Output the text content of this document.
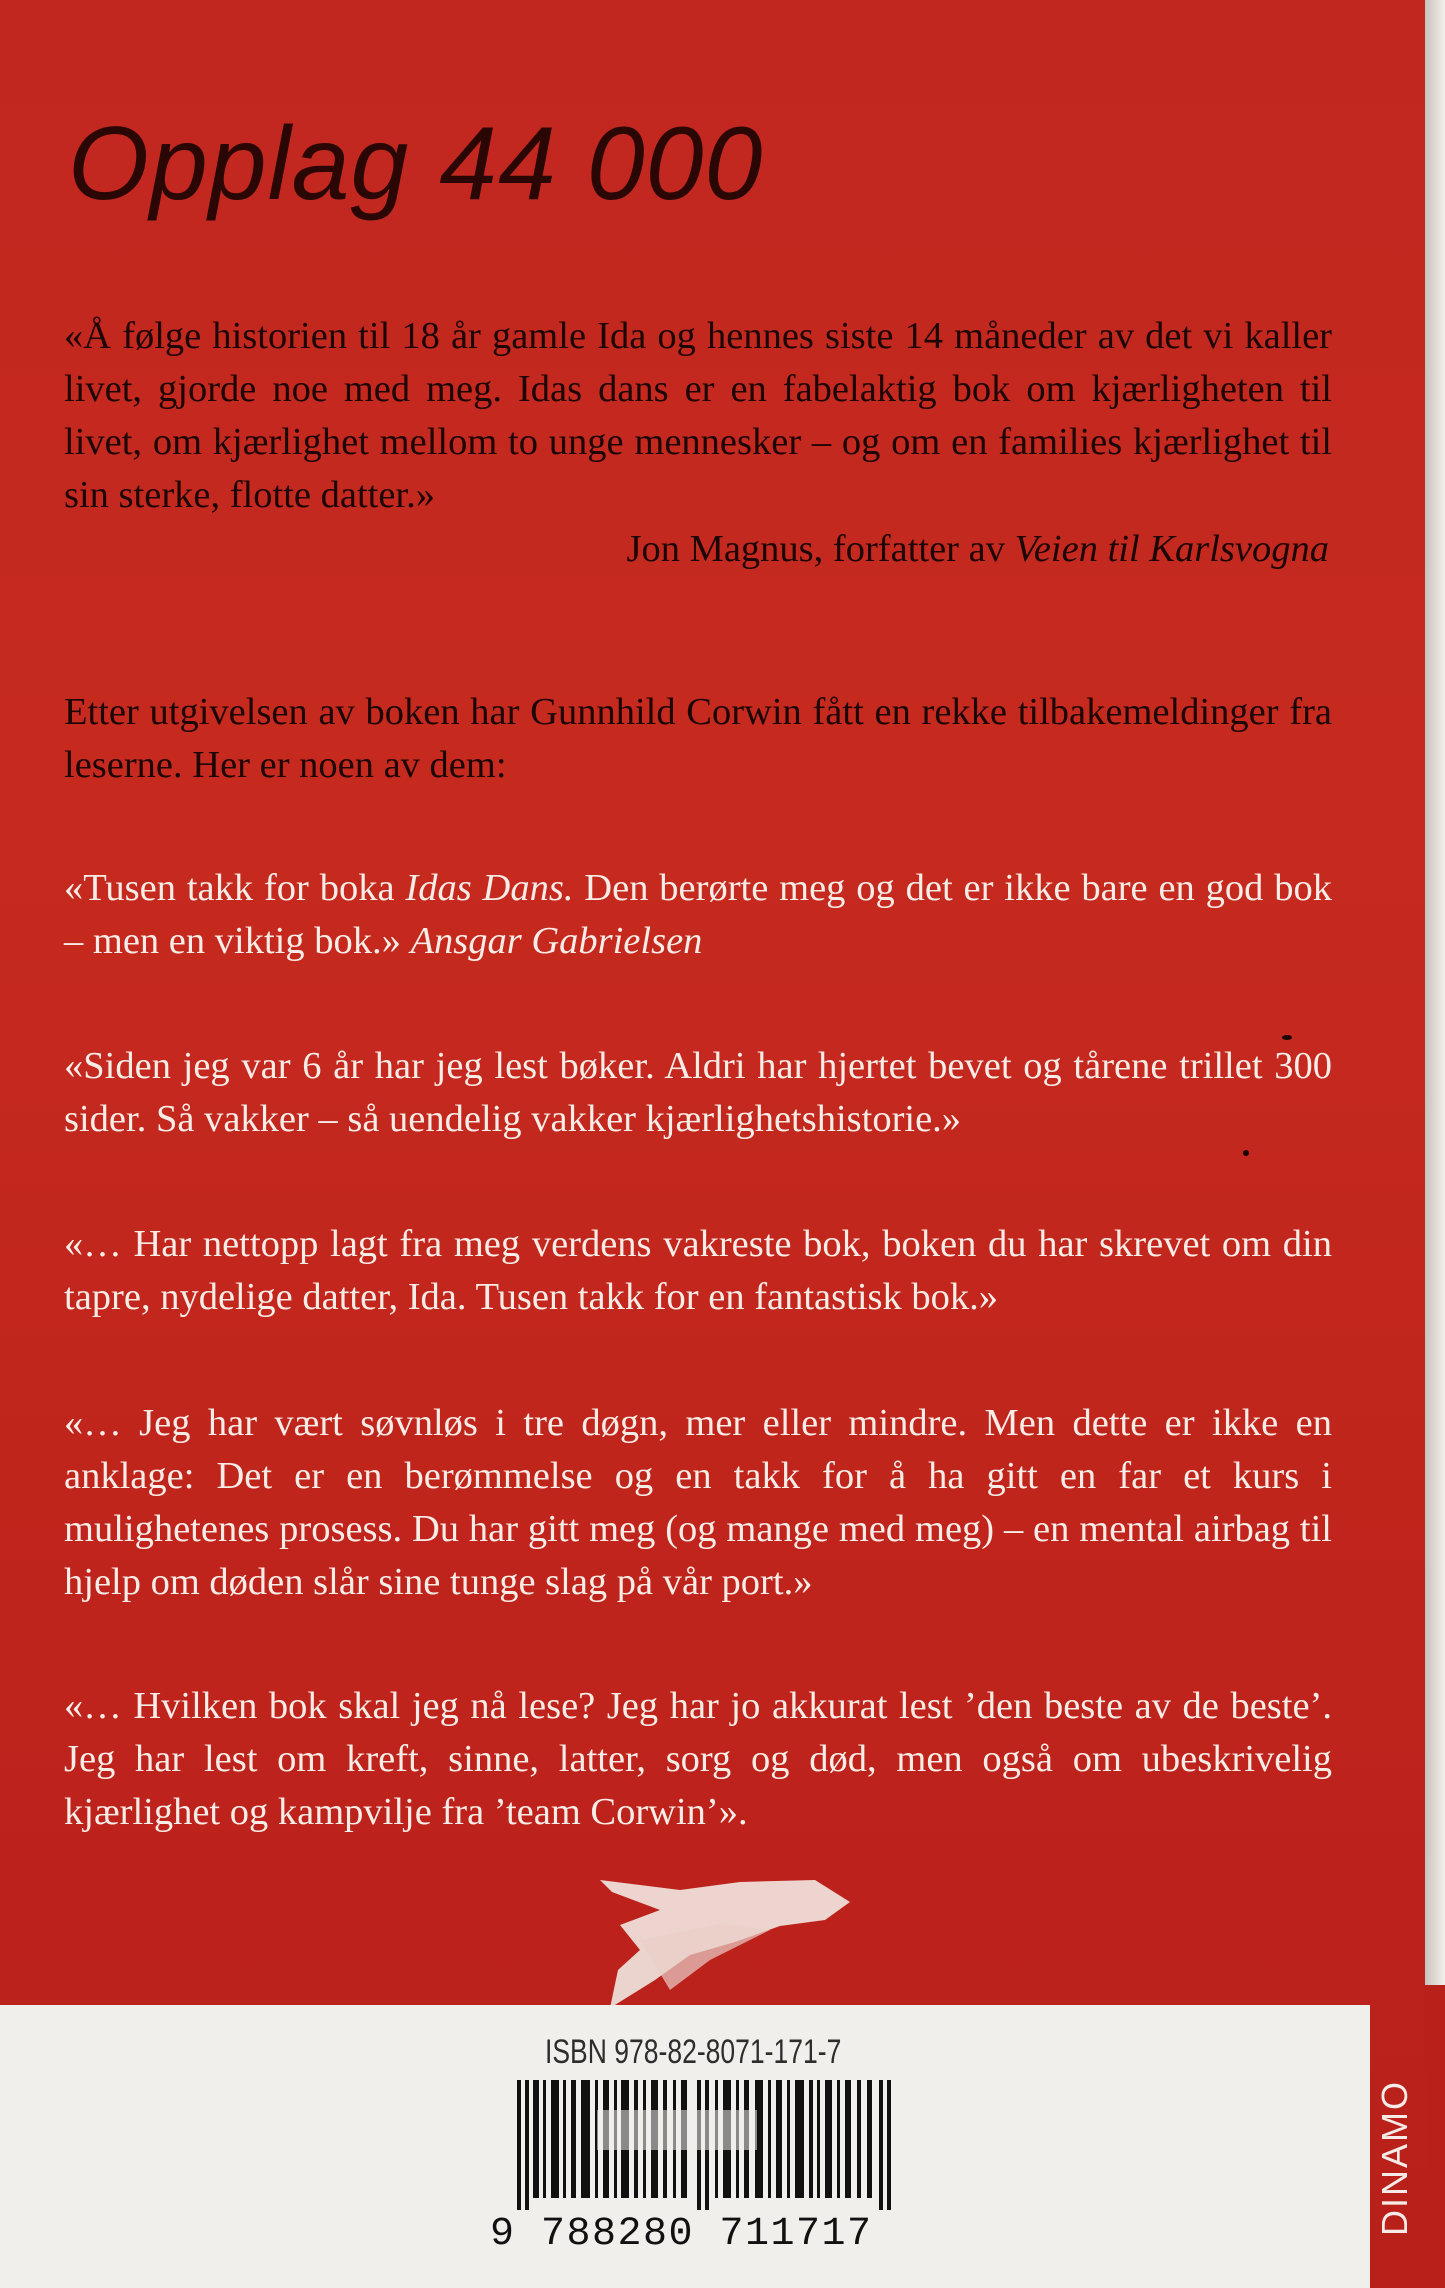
Opplag 44 000

«Å følge historien til 18 år gamle Ida og hennes siste 14 måneder av det vi kaller livet, gjorde noe med meg. Idas dans er en fabelaktig bok om kjærligheten til livet, om kjærlighet mellom to unge mennesker – og om en families kjærlighet til sin sterke, flotte datter.»

Jon Magnus, forfatter av Veien til Karlsvogna

Etter utgivelsen av boken har Gunnhild Corwin fått en rekke tilbakemeldinger fra leserne. Her er noen av dem:

«Tusen takk for boka Idas Dans. Den berørte meg og det er ikke bare en god bok – men en viktig bok.» Ansgar Gabrielsen

«Siden jeg var 6 år har jeg lest bøker. Aldri har hjertet bevet og tårene trillet 300 sider. Så vakker – så uendelig vakker kjærlighetshistorie.»

«… Har nettopp lagt fra meg verdens vakreste bok, boken du har skrevet om din tapre, nydelige datter, Ida. Tusen takk for en fantastisk bok.»

«… Jeg har vært søvnløs i tre døgn, mer eller mindre. Men dette er ikke en anklage: Det er en berømmelse og en takk for å ha gitt en far et kurs i mulighetenes prosess. Du har gitt meg (og mange med meg) – en mental airbag til hjelp om døden slår sine tunge slag på vår port.»

«… Hvilken bok skal jeg nå lese? Jeg har jo akkurat lest ’den beste av de beste’. Jeg har lest om kreft, sinne, latter, sorg og død, men også om ubeskrivelig kjærlighet og kampvilje fra ’team Corwin’».

ISBN 978-82-8071-171-7
9 788280 711717	DINAMO
